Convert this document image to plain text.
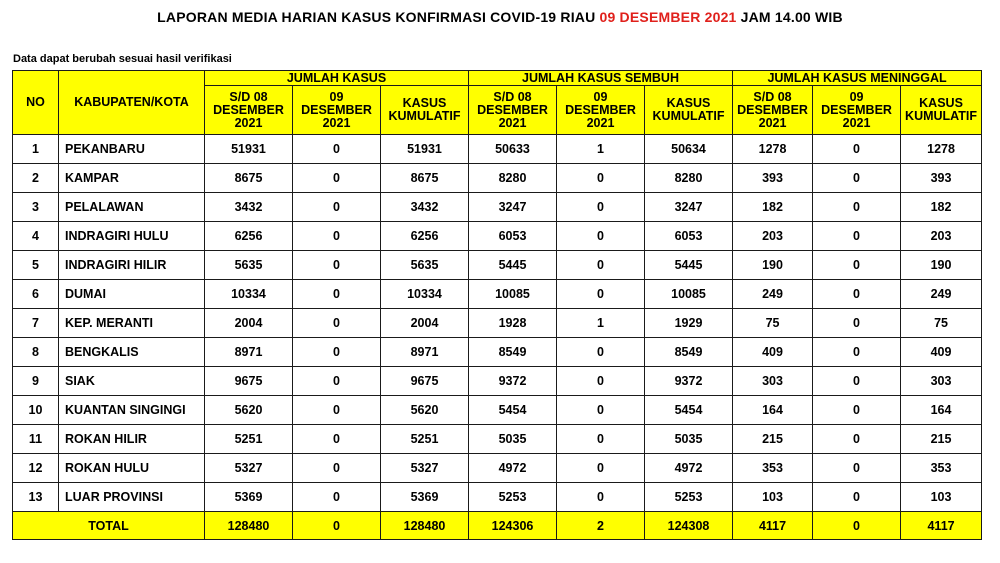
LAPORAN MEDIA HARIAN KASUS KONFIRMASI COVID-19 RIAU 09 DESEMBER 2021 JAM 14.00 WIB
Data dapat berubah sesuai hasil verifikasi
NO	KABUPATEN/KOTA	JUMLAH KASUS			JUMLAH KASUS SEMBUH			JUMLAH KASUS MENINGGAL		
		S/D 08 DESEMBER 2021	09 DESEMBER 2021	KASUS KUMULATIF	S/D 08 DESEMBER 2021	09 DESEMBER 2021	KASUS KUMULATIF	S/D 08 DESEMBER 2021	09 DESEMBER 2021	KASUS KUMULATIF
1	PEKANBARU	51931	0	51931	50633	1	50634	1278	0	1278
2	KAMPAR	8675	0	8675	8280	0	8280	393	0	393
3	PELALAWAN	3432	0	3432	3247	0	3247	182	0	182
4	INDRAGIRI HULU	6256	0	6256	6053	0	6053	203	0	203
5	INDRAGIRI HILIR	5635	0	5635	5445	0	5445	190	0	190
6	DUMAI	10334	0	10334	10085	0	10085	249	0	249
7	KEP. MERANTI	2004	0	2004	1928	1	1929	75	0	75
8	BENGKALIS	8971	0	8971	8549	0	8549	409	0	409
9	SIAK	9675	0	9675	9372	0	9372	303	0	303
10	KUANTAN SINGINGI	5620	0	5620	5454	0	5454	164	0	164
11	ROKAN HILIR	5251	0	5251	5035	0	5035	215	0	215
12	ROKAN HULU	5327	0	5327	4972	0	4972	353	0	353
13	LUAR PROVINSI	5369	0	5369	5253	0	5253	103	0	103
TOTAL		128480	0	128480	124306	2	124308	4117	0	4117
